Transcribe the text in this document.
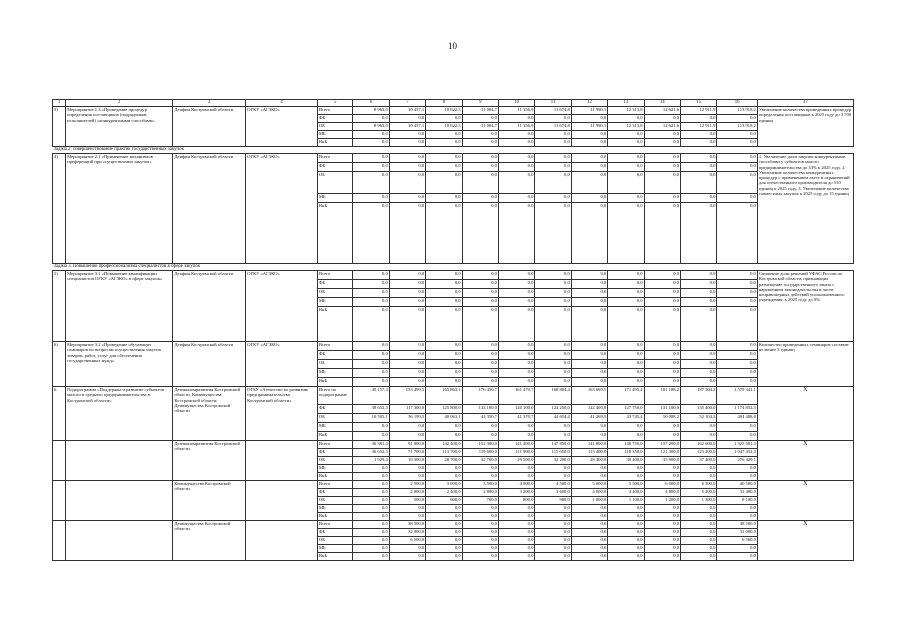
10
1	2	3	4	5	6	7	8	9	10	11	12	13	14	15	16	17
3)	Мероприятие 1.3 «Проведение процедур определения поставщиков (подрядчиков, исполнителей) «конкурентными способами»	Депфин Костромской области	ОГКУ «АГЗКО»	Всего	8 963,0	10 457,1	10 622,3	11 004,7	11 356,9	11 674,8	11 990,1	12 313,8	12 621,6	12 911,9	113 918,2	Увеличение количества проведенных процедур определения поставщиков к 2025 году до 3 700 единиц
				ФБ	0,0	0,0	0,0	0,0	0,0	0,0	0,0	0,0	0,0	0,0	0,0	
				ОБ	8 963,0	10 457,1	10 622,3	11 004,7	11 356,9	11 674,8	11 990,1	12 313,8	12 621,6	12 911,9	113 918,2	
				МБ	0,0	0,0	0,0	0,0	0,0	0,0	0,0	0,0	0,0	0,0	0,0	
				ВнБ	0,0	0,0	0,0	0,0	0,0	0,0	0,0	0,0	0,0	0,0	0,0	
Задача 2. совершенствование практик государственных закупок																
4)	Мероприятие 2.1 «Применение механизмов преференций при осуществлении закупок»	Депфин Костромской области	ОГКУ «АГЗКО»	Всего	0,0	0,0	0,0	0,0	0,0	0,0	0,0	0,0	0,0	0,0	0,0	1. Увеличение доли закупок конкурентными способами у субъектов малого предпринимательства до 33% к 2025 году. 2. Увеличение количества конкурентных процедур с применением льгот и ограничений для отечественного производителя до 510 единиц к 2025 году. 3. Увеличение количества совместных закупок к 2025 году до 15 единиц
				ФБ	0,0	0,0	0,0	0,0	0,0	0,0	0,0	0,0	0,0	0,0	0,0	
				ОБ	0,0	0,0	0,0	0,0	0,0	0,0	0,0	0,0	0,0	0,0	0,0	
				МБ	0,0	0,0	0,0	0,0	0,0	0,0	0,0	0,0	0,0	0,0	0,0	
				ВнБ	0,0	0,0	0,0	0,0	0,0	0,0	0,0	0,0	0,0	0,0	0,0	
Задача 3. Повышение профессионализма специалистов в сфере закупок																
5)	Мероприятие 3.1 «Повышение квалификации специалистов ОГКУ «АГЗКО» в сфере закупок»	Депфин Костромской области	ОГКУ «АГЗКО»	Всего	0,0	0,0	0,0	0,0	0,0	0,0	0,0	0,0	0,0	0,0	0,0	Снижение доли решений УФАС России по Костромской области, признающих размещение государственного заказа с нарушением законодательства в части неправомерных действий уполномоченного учреждения, к 2025 году до 0%
				ФБ	0,0	0,0	0,0	0,0	0,0	0,0	0,0	0,0	0,0	0,0	0,0	
				ОБ	0,0	0,0	0,0	0,0	0,0	0,0	0,0	0,0	0,0	0,0	0,0	
				МБ	0,0	0,0	0,0	0,0	0,0	0,0	0,0	0,0	0,0	0,0	0,0	
				ВнБ	0,0	0,0	0,0	0,0	0,0	0,0	0,0	0,0	0,0	0,0	0,0	
6)	Мероприятие 3.2 «Проведение обучающих семинаров по вопросам осуществления закупок товаров, работ, услуг для обеспечения государственных нужд»	Депфин Костромской области	ОГКУ «АГЗКО»	Всего	0,0	0,0	0,0	0,0	0,0	0,0	0,0	0,0	0,0	0,0	0,0	Количество проведенных семинаров составит не менее 3 единиц
				ФБ	0,0	0,0	0,0	0,0	0,0	0,0	0,0	0,0	0,0	0,0	0,0	
				ОБ	0,0	0,0	0,0	0,0	0,0	0,0	0,0	0,0	0,0	0,0	0,0	
				МБ	0,0	0,0	0,0	0,0	0,0	0,0	0,0	0,0	0,0	0,0	0,0	
				ВнБ	0,0	0,0	0,0	0,0	0,0	0,0	0,0	0,0	0,0	0,0	0,0	
6.	Подпрограмма «Поддержка и развитие субъектов малого и среднего предпринимательства в Костромской области»	Депэкономразвития Костромской области, Комимущества Костромской области, Депимущества Костромской области	ОГБУ «Агентство по развитию предпринимательства Костромской области»	Всего по подпрограмме	49 157,4	153 499,5	165 863,1	176 450,7	161 470,7	168 804,4	163 669,5	171 495,4	181 188,2	187 504,2	1 579 341,1	X
				ФБ	38 652,3	117 300,0	125 800,0	132 100,0	120 100,0	124 250,0	122 400,0	127 750,0	131 100,0	135 400,0	1 174 852,3	
				ОБ	10 505,1	36 199,5	40 063,1	44 350,7	41 370,7	44 654,4	41 269,5	43 745,4	50 088,2	52 104,2	404 488,8	
				МБ	0,0	0,0	0,0	0,0	0,0	0,0	0,0	0,0	0,0	0,0	0,0	
				ВнБ	0,0	0,0	0,0	0,0	0,0	0,0	0,0	0,0	0,0	0,0	0,0	
		Депэкономразвития Костромской области		Всего	36 381,4	91 000,0	142 400,0	152 300,0	141 400,0	147 850,0	141 800,0	148 750,0	157 200,0	162 600,0	1 325 581,4	X
				ФБ	36 652,3	71 700,0	113 700,0	119 600,0	111 900,0	115 650,0	113 400,0	118 350,0	121 300,0	125 200,0	1 047 452,3	
				ОБ	1 929,4	19 300,0	28 700,0	32 700,0	29 500,0	32 200,0	28 400,0	30 400,0	35 900,0	37 400,0	276 429,1	
				МБ	0,0	0,0	0,0	0,0	0,0	0,0	0,0	0,0	0,0	0,0	0,0	
				ВнБ	0,0	0,0	0,0	0,0	0,0	0,0	0,0	0,0	0,0	0,0	0,0	
		Комимущества Костромской области		Всего	0,0	2 500,0	3 000,0	3 500,0	4 000,0	4 500,0	5 000,0	5 500,0	6 000,0	6 500,0	40 500,0	X
				ФБ	0,0	2 000,0	2 400,0	2 800,0	3 200,0	3 600,0	4 000,0	4 400,0	4 800,0	5 200,0	32 400,0	
				ОБ	0,0	500,0	600,0	700,0	800,0	900,0	1 000,0	1 100,0	1 200,0	1 300,0	8 100,0	
				МБ	0,0	0,0	0,0	0,0	0,0	0,0	0,0	0,0	0,0	0,0	0,0	
				ВнБ	0,0	0,0	0,0	0,0	0,0	0,0	0,0	0,0	0,0	0,0	0,0	
		Депимущества Костромской области		Всего	0,0	38 500,0	0,0	0,0	0,0	0,0	0,0	0,0	0,0	0,0	38 500,0	X
				ФБ	0,0	32 000,0	0,0	0,0	0,0	0,0	0,0	0,0	0,0	0,0	32 000,0	
				ОБ	0,0	6 500,0	0,0	0,0	0,0	0,0	0,0	0,0	0,0	0,0	6 500,0	
				МБ	0,0	0,0	0,0	0,0	0,0	0,0	0,0	0,0	0,0	0,0	0,0	
				ВнБ	0,0	0,0	0,0	0,0	0,0	0,0	0,0	0,0	0,0	0,0	0,0	
